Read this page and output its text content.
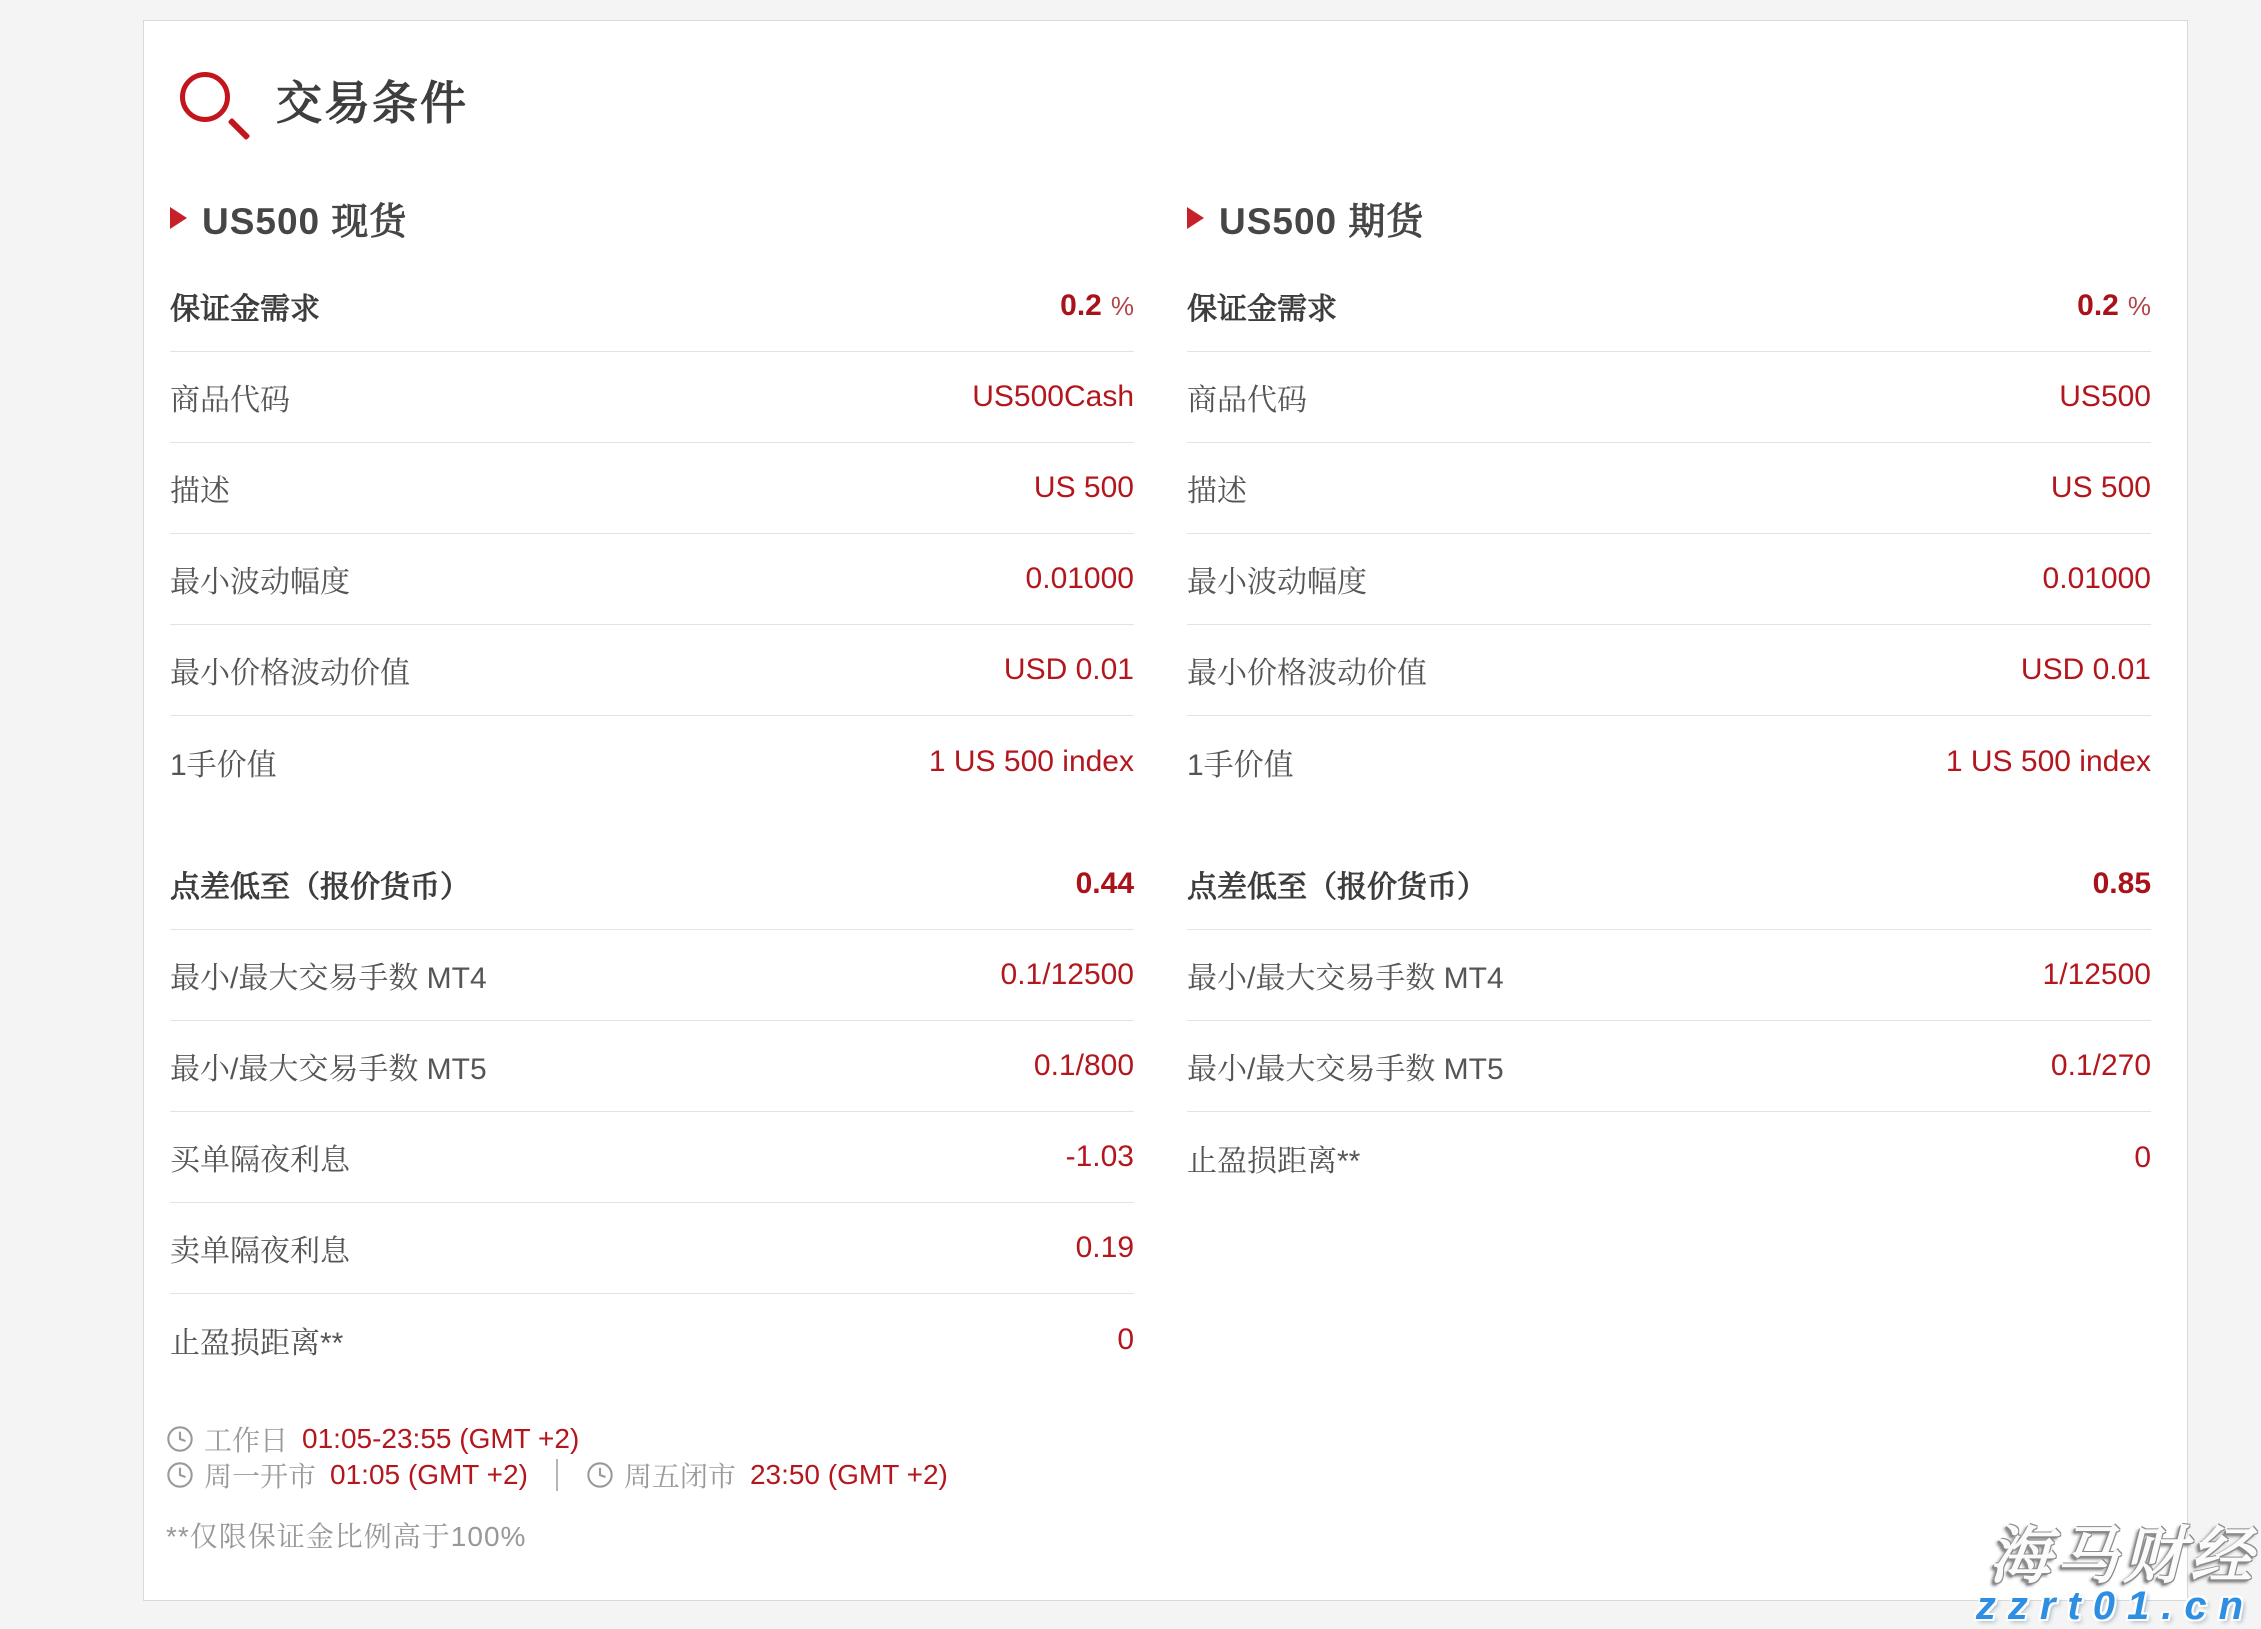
交易条件
US500 现货
保证金需求	0.2 %
商品代码	US500Cash
描述	US 500
最小波动幅度	0.01000
最小价格波动价值	USD 0.01
1手价值	1 US 500 index
点差低至（报价货币）	0.44
最小/最大交易手数 MT4	0.1/12500
最小/最大交易手数 MT5	0.1/800
买单隔夜利息	-1.03
卖单隔夜利息	0.19
止盈损距离**	0
US500 期货
保证金需求	0.2 %
商品代码	US500
描述	US 500
最小波动幅度	0.01000
最小价格波动价值	USD 0.01
1手价值	1 US 500 index
点差低至（报价货币）	0.85
最小/最大交易手数 MT4	1/12500
最小/最大交易手数 MT5	0.1/270
止盈损距离**	0
工作日 01:05-23:55 (GMT +2)
周一开市 01:05 (GMT +2)	周五闭市 23:50 (GMT +2)
**仅限保证金比例高于100%	海马财经
zzrt01.cn
